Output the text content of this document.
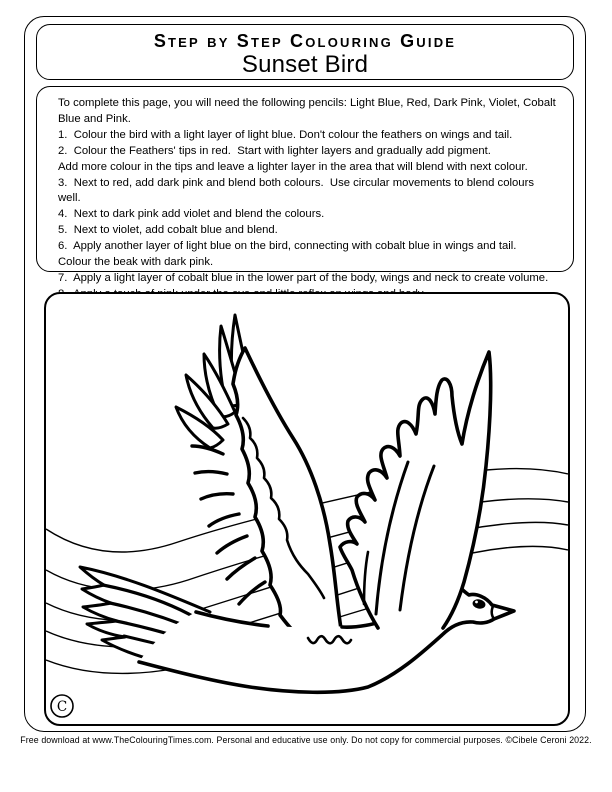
Step by Step Colouring Guide
Sunset Bird
To complete this page, you will need the following pencils: Light Blue, Red, Dark Pink, Violet, Cobalt Blue and Pink.
1.  Colour the bird with a light layer of light blue. Don't colour the feathers on wings and tail.
2.  Colour the Feathers' tips in red.  Start with lighter layers and gradually add pigment.
Add more colour in the tips and leave a lighter layer in the area that will blend with next colour.
3.  Next to red, add dark pink and blend both colours.  Use circular movements to blend colours well.
4.  Next to dark pink add violet and blend the colours.
5.  Next to violet, add cobalt blue and blend.
6.  Apply another layer of light blue on the bird, connecting with cobalt blue in wings and tail.
Colour the beak with dark pink.
7.  Apply a light layer of cobalt blue in the lower part of the body, wings and neck to create volume.
C
Free download at www.TheColouringTimes.com. Personal and educative use only. Do not copy for commercial purposes. ©Cibele Ceroni 2022.
